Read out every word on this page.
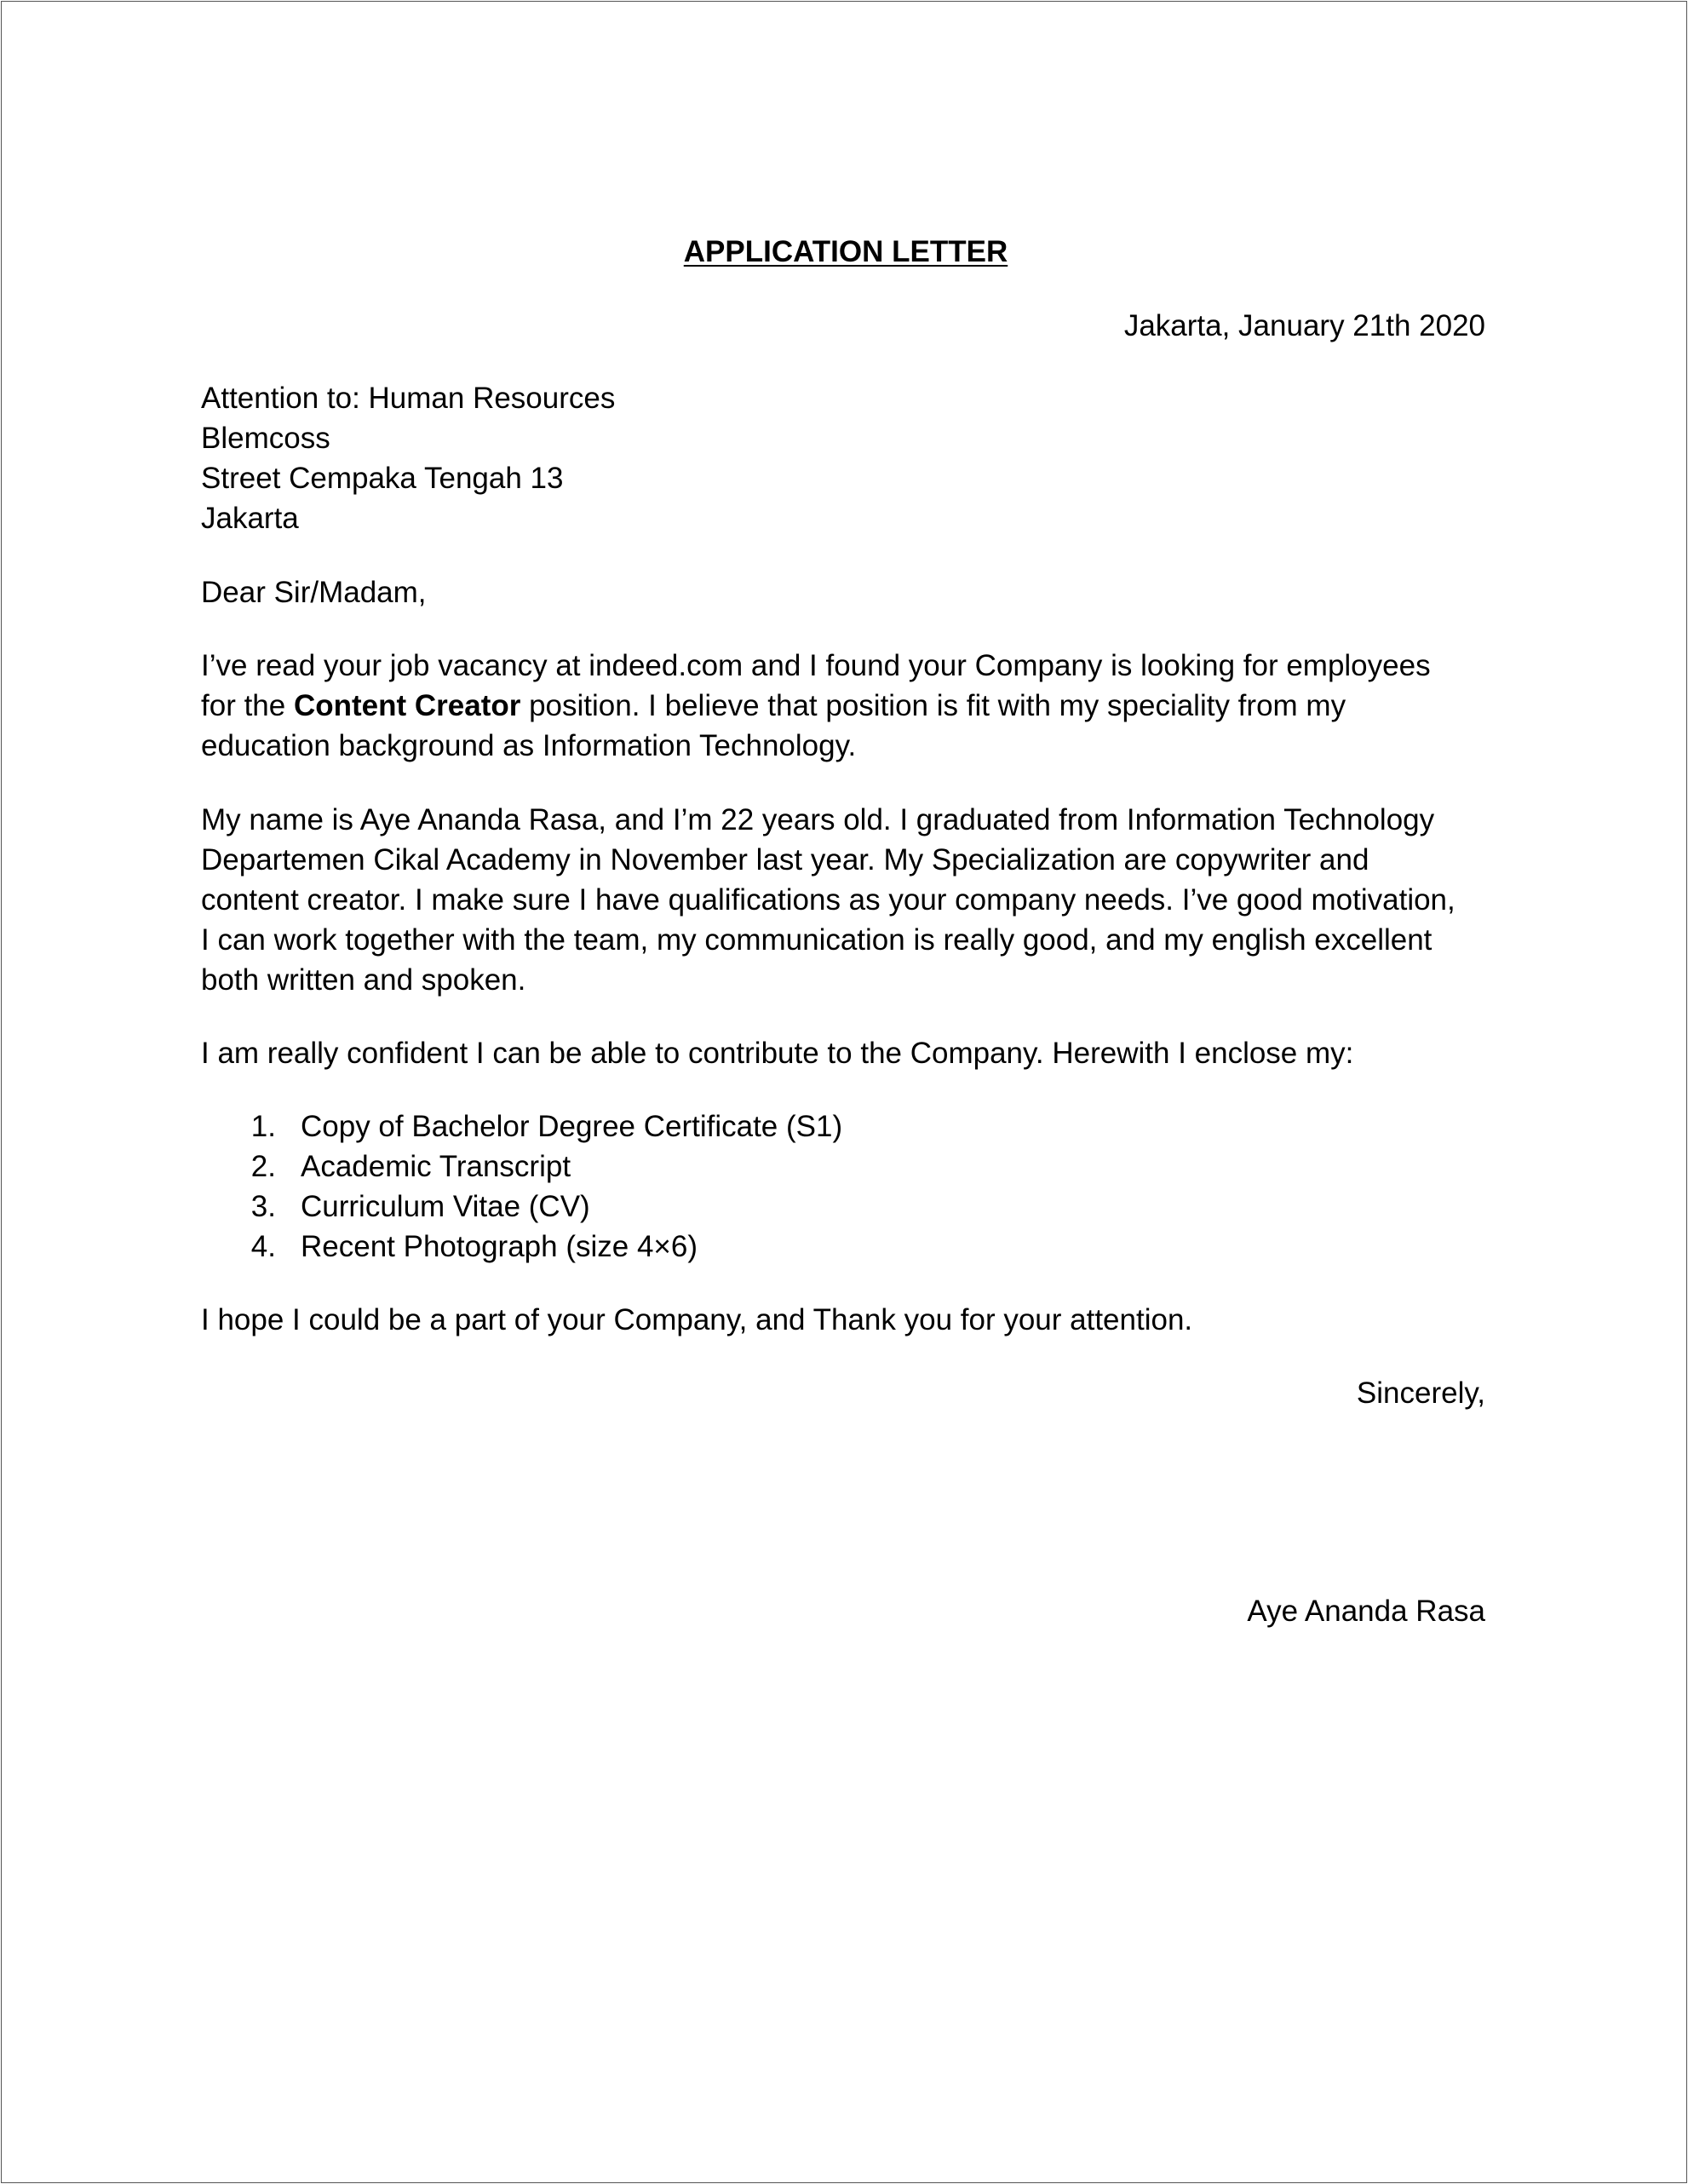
APPLICATION LETTER
Jakarta, January 21th 2020
Attention to: Human Resources
Blemcoss
Street Cempaka Tengah 13
Jakarta
Dear Sir/Madam,
I’ve read your job vacancy at indeed.com and I found your Company is looking for employees
for the Content Creator position. I believe that position is fit with my speciality from my
education background as Information Technology.
My name is Aye Ananda Rasa, and I’m 22 years old. I graduated from Information Technology
Departemen Cikal Academy in November last year. My Specialization are copywriter and
content creator. I make sure I have qualifications as your company needs. I’ve good motivation,
I can work together with the team, my communication is really good, and my english excellent
both written and spoken.
I am really confident I can be able to contribute to the Company. Herewith I enclose my:
1. Copy of Bachelor Degree Certificate (S1)
2. Academic Transcript
3. Curriculum Vitae (CV)
4. Recent Photograph (size 4×6)
I hope I could be a part of your Company, and Thank you for your attention.
Sincerely,
Aye Ananda Rasa
